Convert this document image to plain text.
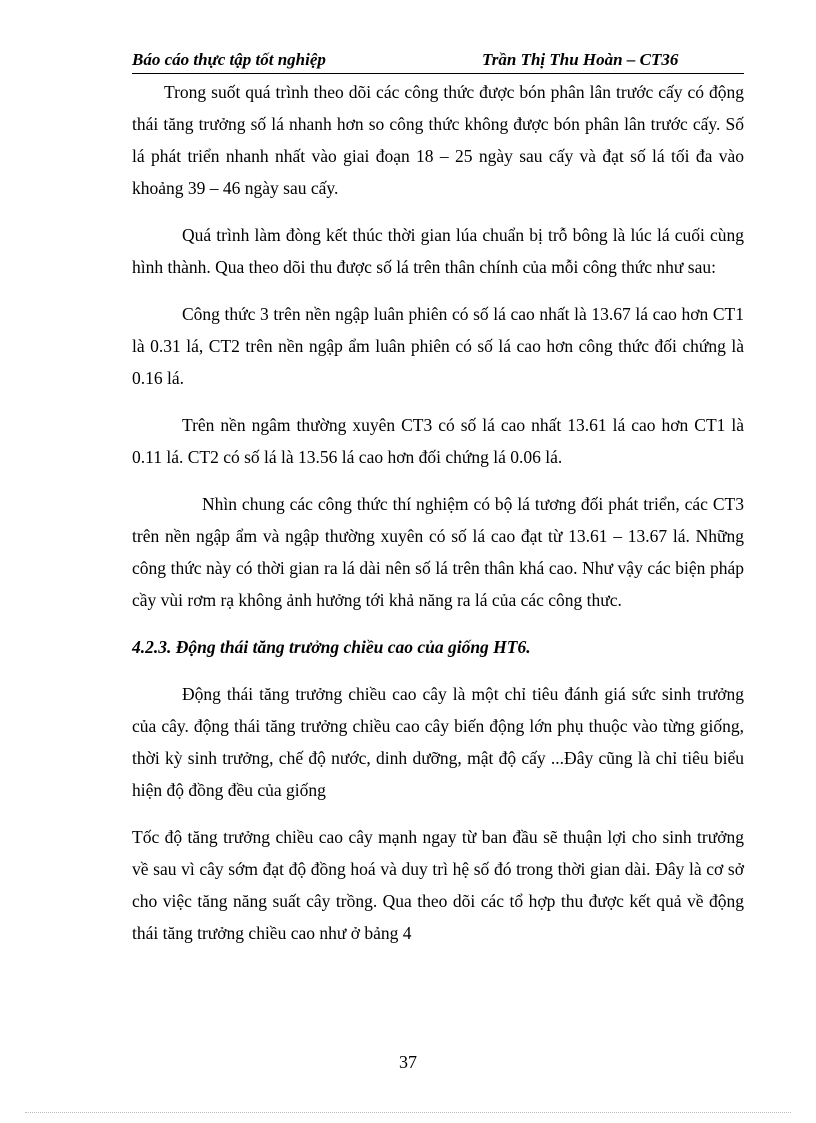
Báo cáo thực tập tốt nghiệp	Trần Thị Thu Hoàn – CT36

Trong suốt quá trình theo dõi các công thức được bón phân lân trước cấy có động thái tăng trưởng số lá nhanh hơn so công thức không được bón phân lân trước cấy. Số lá phát triển nhanh nhất vào giai đoạn 18 – 25 ngày sau cấy và đạt số lá tối đa vào khoảng 39 – 46 ngày sau cấy.

Quá trình làm đòng kết thúc thời gian lúa chuẩn bị trỗ bông là lúc lá cuối cùng hình thành. Qua theo dõi thu được số lá trên thân chính của mỗi công thức như sau:

Công thức 3 trên nền ngập luân phiên có số lá cao nhất là 13.67 lá cao hơn CT1 là 0.31 lá, CT2 trên nền ngập ẩm luân phiên có số lá cao hơn công thức đối chứng là 0.16 lá.

Trên nền ngâm thường xuyên CT3 có số lá cao nhất 13.61 lá cao hơn CT1 là 0.11 lá. CT2 có số lá là 13.56 lá cao hơn đối chứng lá 0.06 lá.

Nhìn chung các công thức thí nghiệm có bộ lá tương đối phát triển, các CT3 trên nền ngập ẩm và ngập thường xuyên có số lá cao đạt từ 13.61 – 13.67 lá. Những công thức này có thời gian ra lá dài nên số lá trên thân khá cao. Như vậy các biện pháp cầy vùi rơm rạ không ảnh hưởng tới khả năng ra lá của các công thưc.

4.2.3. Động thái tăng trưởng chiều cao của giống HT6.

Động thái tăng trưởng chiều cao cây là một chỉ tiêu đánh giá sức sinh trưởng của cây. động thái tăng trưởng chiều cao cây biến động lớn phụ thuộc vào từng giống, thời kỳ sinh trưởng, chế độ nước, dinh dưỡng, mật độ cấy ...Đây cũng là chỉ tiêu biểu hiện độ đồng đều của giống

Tốc độ tăng trưởng chiều cao cây mạnh ngay từ ban đầu sẽ thuận lợi cho sinh trưởng về sau vì cây sớm đạt độ đồng hoá và duy trì hệ số đó trong thời gian dài. Đây là cơ sở cho việc tăng năng suất cây trồng. Qua theo dõi các tổ hợp thu được kết quả về động thái tăng trưởng chiều cao như ở bảng 4

37
